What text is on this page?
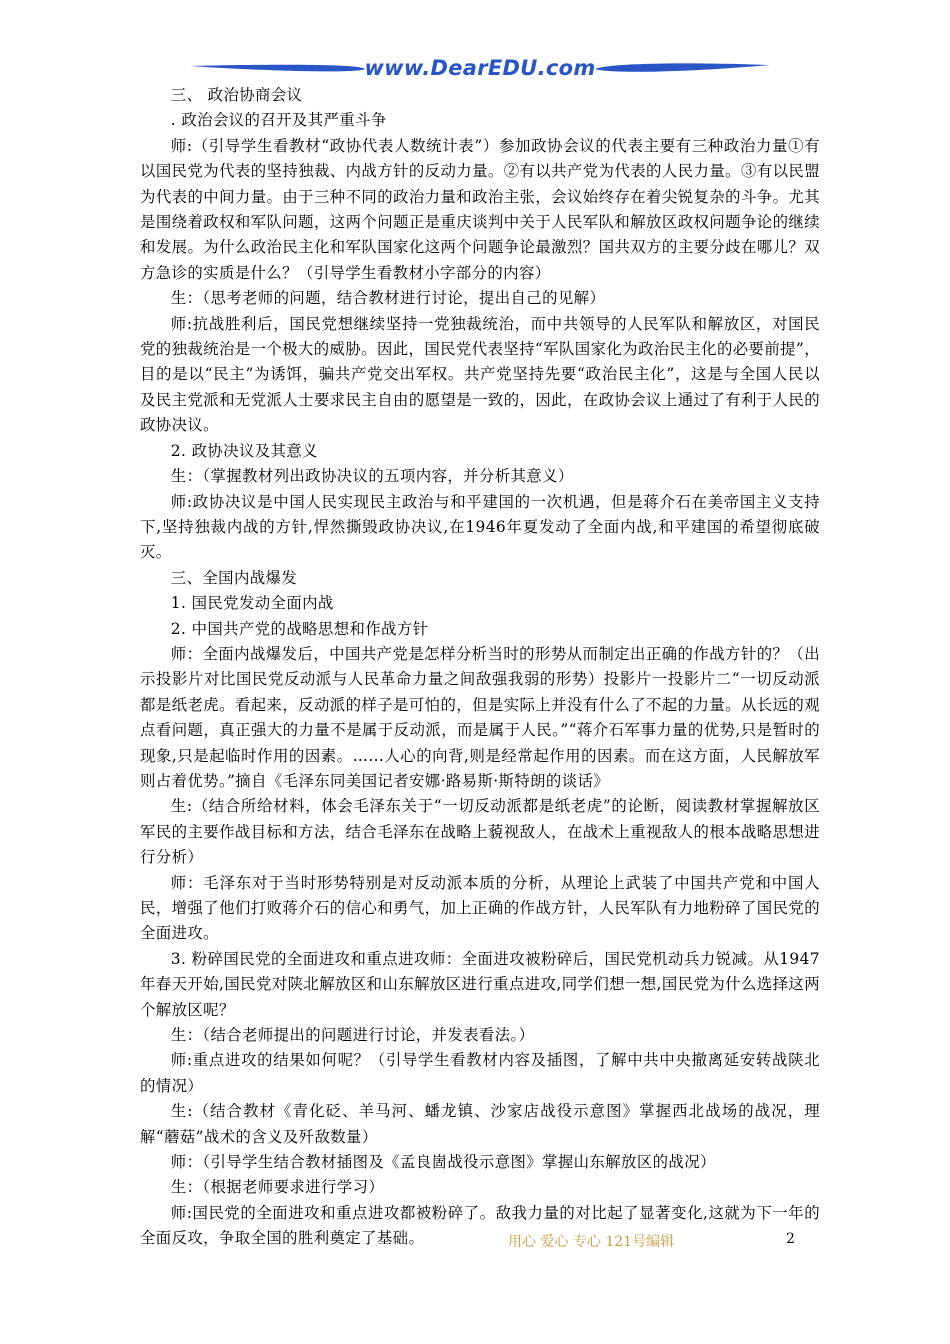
www.DearEDU.com

三、 政治协商会议

. 政治会议的召开及其严重斗争

师:（引导学生看教材“政协代表人数统计表”）参加政协会议的代表主要有三种政治力量①有以国民党为代表的坚持独裁、内战方针的反动力量。②有以共产党为代表的人民力量。③有以民盟为代表的中间力量。由于三种不同的政治力量和政治主张，会议始终存在着尖锐复杂的斗争。尤其是围绕着政权和军队问题，这两个问题正是重庆谈判中关于人民军队和解放区政权问题争论的继续和发展。为什么政治民主化和军队国家化这两个问题争论最激烈？国共双方的主要分歧在哪儿？双方急诊的实质是什么？（引导学生看教材小字部分的内容）

生：（思考老师的问题，结合教材进行讨论，提出自己的见解）

师:抗战胜利后，国民党想继续坚持一党独裁统治，而中共领导的人民军队和解放区，对国民党的独裁统治是一个极大的威胁。因此，国民党代表坚持“军队国家化为政治民主化的必要前提”，目的是以“民主”为诱饵，骗共产党交出军权。共产党坚持先要“政治民主化”，这是与全国人民以及民主党派和无党派人士要求民主自由的愿望是一致的，因此，在政协会议上通过了有利于人民的政协决议。

2. 政协决议及其意义

生：（掌握教材列出政协决议的五项内容，并分析其意义）

师:政协决议是中国人民实现民主政治与和平建国的一次机遇，但是蒋介石在美帝国主义支持下,坚持独裁内战的方针,悍然撕毁政协决议,在1946年夏发动了全面内战,和平建国的希望彻底破灭。

三、全国内战爆发

1. 国民党发动全面内战

2. 中国共产党的战略思想和作战方针

师：全面内战爆发后，中国共产党是怎样分析当时的形势从而制定出正确的作战方针的？（出示投影片对比国民党反动派与人民革命力量之间敌强我弱的形势）投影片一投影片二“一切反动派都是纸老虎。看起来，反动派的样子是可怕的，但是实际上并没有什么了不起的力量。从长远的观点看问题，真正强大的力量不是属于反动派，而是属于人民。”“蒋介石军事力量的优势,只是暂时的现象,只是起临时作用的因素。……人心的向背,则是经常起作用的因素。而在这方面，人民解放军则占着优势。”摘自《毛泽东同美国记者安娜·路易斯·斯特朗的谈话》

生:（结合所给材料，体会毛泽东关于“一切反动派都是纸老虎”的论断，阅读教材掌握解放区军民的主要作战目标和方法，结合毛泽东在战略上藐视敌人，在战术上重视敌人的根本战略思想进行分析）

师：毛泽东对于当时形势特别是对反动派本质的分析，从理论上武装了中国共产党和中国人民，增强了他们打败蒋介石的信心和勇气，加上正确的作战方针，人民军队有力地粉碎了国民党的全面进攻。

3. 粉碎国民党的全面进攻和重点进攻师：全面进攻被粉碎后，国民党机动兵力锐减。从1947年春天开始,国民党对陕北解放区和山东解放区进行重点进攻,同学们想一想,国民党为什么选择这两个解放区呢？

生：（结合老师提出的问题进行讨论，并发表看法。）

师:重点进攻的结果如何呢？（引导学生看教材内容及插图，了解中共中央撤离延安转战陕北的情况）

生:（结合教材《青化砭、羊马河、蟠龙镇、沙家店战役示意图》掌握西北战场的战况，理解“蘑菇”战术的含义及歼敌数量）

师：（引导学生结合教材插图及《孟良崮战役示意图》掌握山东解放区的战况）

生：（根据老师要求进行学习）

师:国民党的全面进攻和重点进攻都被粉碎了。敌我力量的对比起了显著变化,这就为下一年的全面反攻，争取全国的胜利奠定了基础。	用心 爱心 专心 121号编辑	2
